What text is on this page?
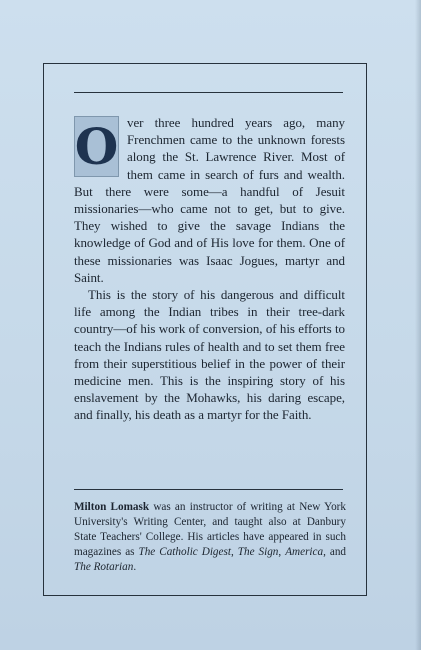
O ver three hundred years ago, many Frenchmen came to the unknown forests along the St. Lawrence River. Most of them came in search of furs and wealth. But there were some—a handful of Jesuit missionaries—who came not to get, but to give. They wished to give the savage Indians the knowledge of God and of His love for them. One of these missionaries was Isaac Jogues, martyr and Saint.

This is the story of his dangerous and difficult life among the Indian tribes in their tree-dark country—of his work of conversion, of his efforts to teach the Indians rules of health and to set them free from their superstitious belief in the power of their medicine men. This is the inspiring story of his enslavement by the Mohawks, his daring escape, and finally, his death as a martyr for the Faith.

Milton Lomask was an instructor of writing at New York University's Writing Center, and taught also at Danbury State Teachers' College. His articles have appeared in such magazines as The Catholic Digest, The Sign, America, and The Rotarian.
